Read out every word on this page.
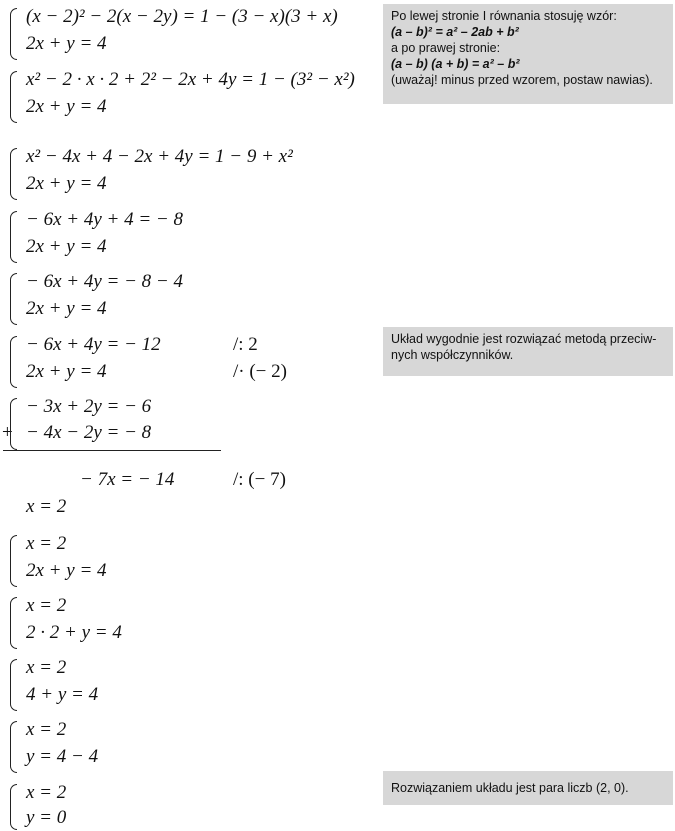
(x − 2)² − 2(x − 2y) = 1 − (3 − x)(3 + x)
2x + y = 4
x² − 2 · x · 2 + 2² − 2x + 4y = 1 − (3² − x²)
2x + y = 4
x² − 4x + 4 − 2x + 4y = 1 − 9 + x²
2x + y = 4
− 6x + 4y + 4 = − 8
2x + y = 4
− 6x + 4y = − 8 − 4
2x + y = 4
− 6x + 4y = − 12
2x + y = 4
/: 2
/· (− 2)
+
− 3x + 2y = − 6
− 4x − 2y = − 8
− 7x = − 14	/: (− 7)
x = 2
x = 2
2x + y = 4
x = 2
2 · 2 + y = 4
x = 2
4 + y = 4
x = 2
y = 4 − 4
x = 2
y = 0
Po lewej stronie I równania stosuję wzór:
(a – b)² = a² – 2ab + b²
a po prawej stronie:
(a – b) (a + b) = a² – b²
(uważaj! minus przed wzorem, postaw nawias).
Układ wygodnie jest rozwiązać metodą przeciw-
nych współczynników.
Rozwiązaniem układu jest para liczb (2, 0).
